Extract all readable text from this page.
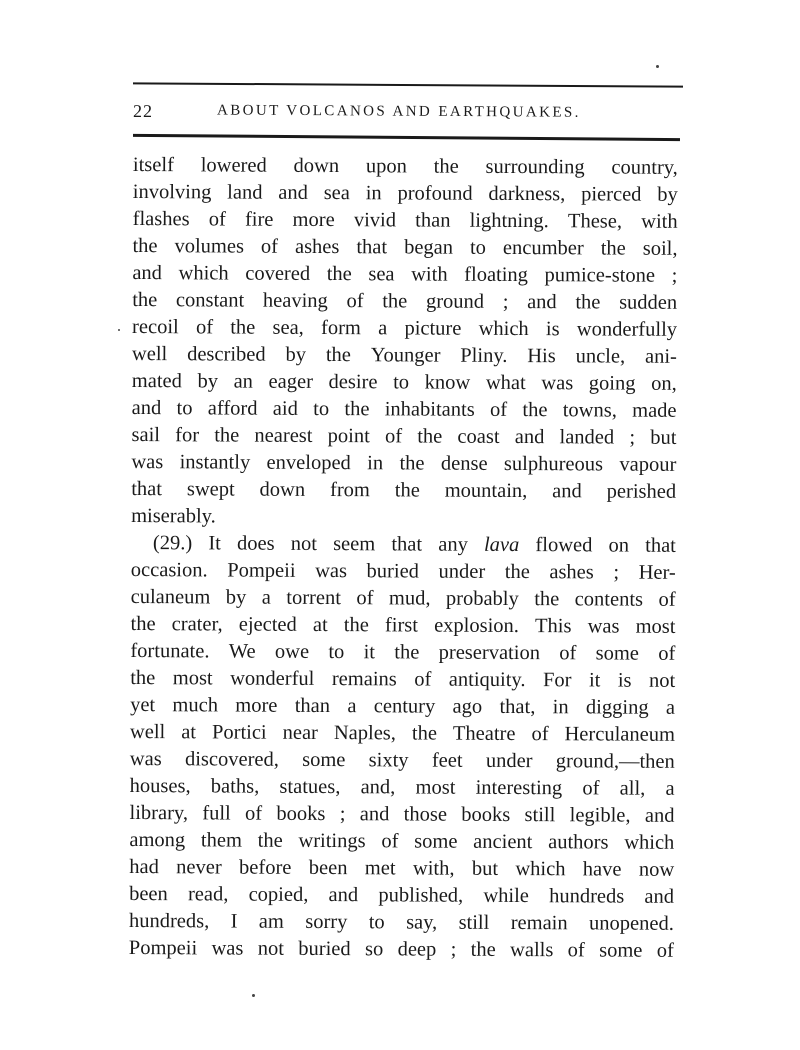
22	ABOUT VOLCANOS AND EARTHQUAKES.
itself lowered down upon the surrounding country,
involving land and sea in profound darkness, pierced by
flashes of fire more vivid than lightning. These, with
the volumes of ashes that began to encumber the soil,
and which covered the sea with floating pumice-stone ;
the constant heaving of the ground ; and the sudden
recoil of the sea, form a picture which is wonderfully
well described by the Younger Pliny. His uncle, ani-
mated by an eager desire to know what was going on,
and to afford aid to the inhabitants of the towns, made
sail for the nearest point of the coast and landed ; but
was instantly enveloped in the dense sulphureous vapour
that swept down from the mountain, and perished
miserably.
(29.) It does not seem that any lava flowed on that
occasion. Pompeii was buried under the ashes ; Her-
culaneum by a torrent of mud, probably the contents of
the crater, ejected at the first explosion. This was most
fortunate. We owe to it the preservation of some of
the most wonderful remains of antiquity. For it is not
yet much more than a century ago that, in digging a
well at Portici near Naples, the Theatre of Herculaneum
was discovered, some sixty feet under ground,—then
houses, baths, statues, and, most interesting of all, a
library, full of books ; and those books still legible, and
among them the writings of some ancient authors which
had never before been met with, but which have now
been read, copied, and published, while hundreds and
hundreds, I am sorry to say, still remain unopened.
Pompeii was not buried so deep ; the walls of some of
